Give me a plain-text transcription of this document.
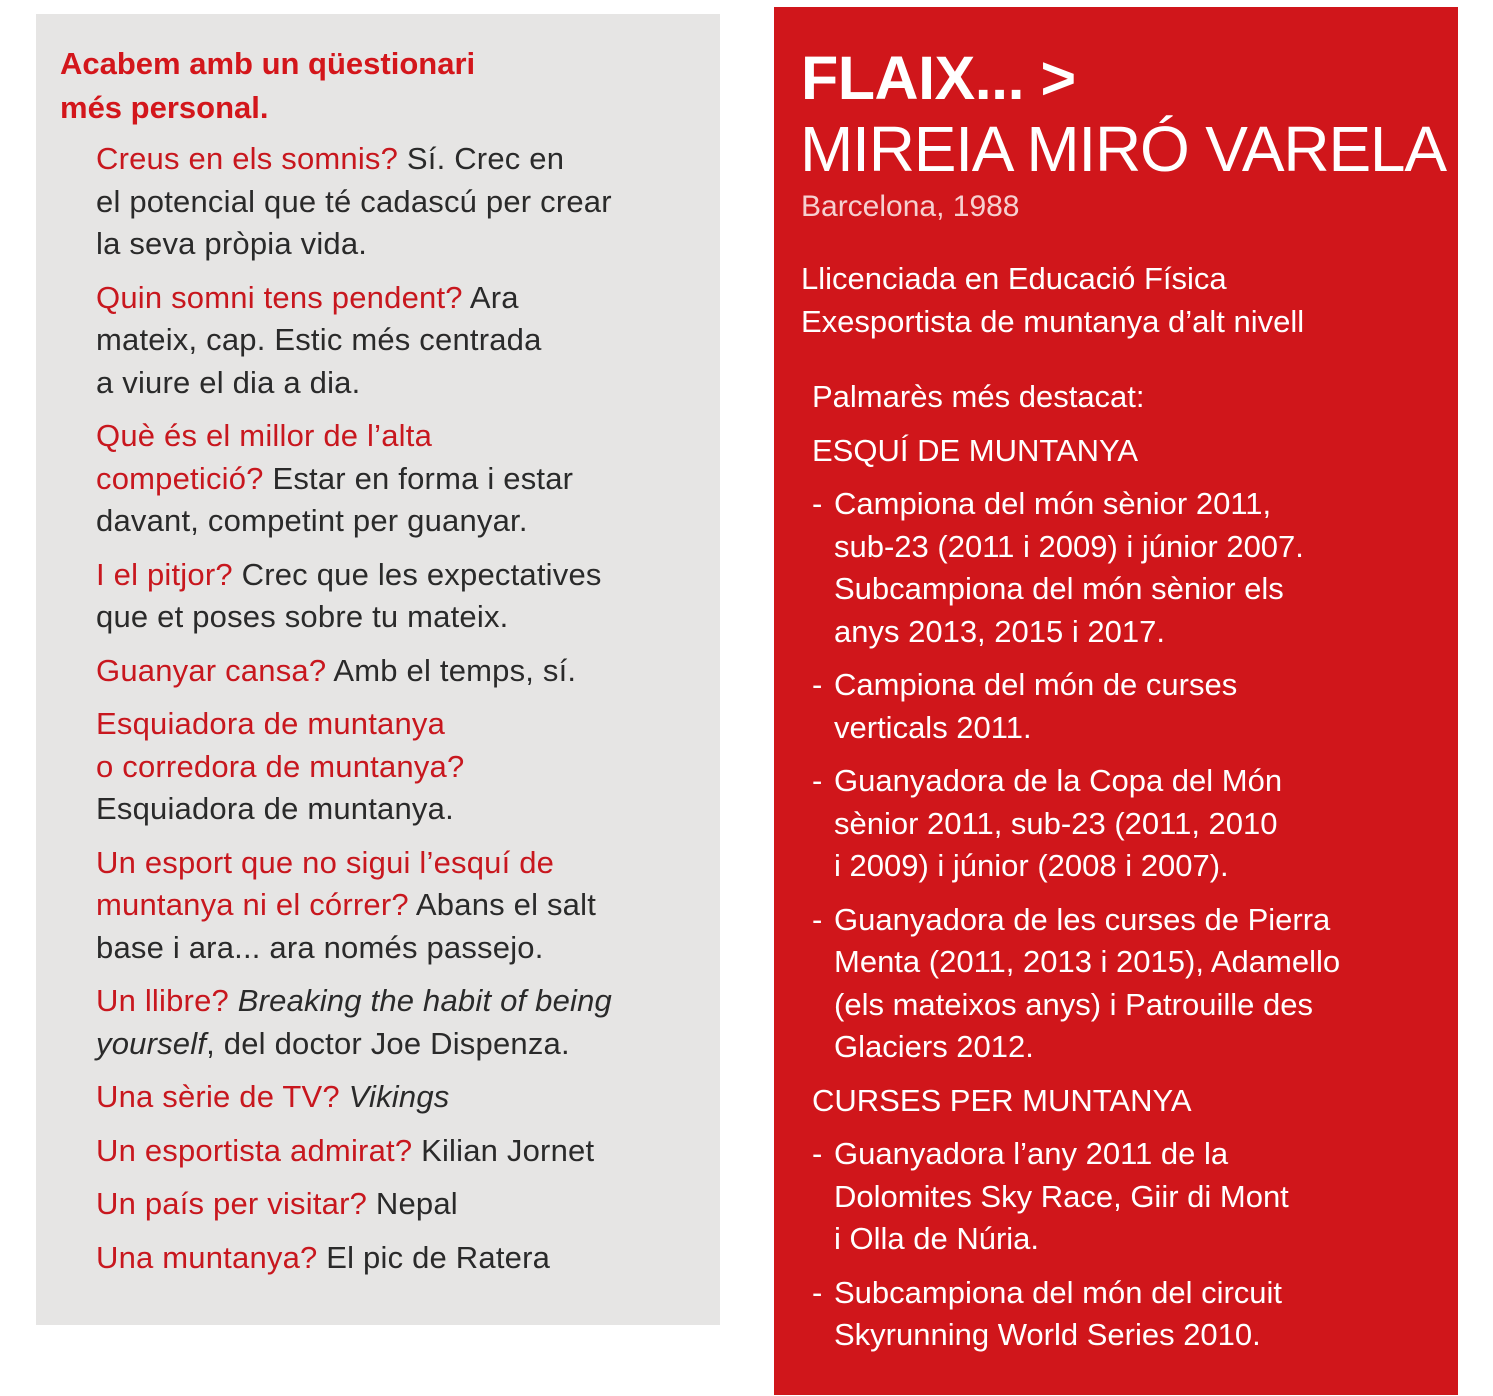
Acabem amb un qüestionari
més personal.

Creus en els somnis? Sí. Crec en
el potencial que té cadascú per crear
la seva pròpia vida.

Quin somni tens pendent? Ara
mateix, cap. Estic més centrada
a viure el dia a dia.

Què és el millor de l’alta
competició? Estar en forma i estar
davant, competint per guanyar.

I el pitjor? Crec que les expectatives
que et poses sobre tu mateix.

Guanyar cansa? Amb el temps, sí.

Esquiadora de muntanya
o corredora de muntanya?
Esquiadora de muntanya.

Un esport que no sigui l’esquí de
muntanya ni el córrer? Abans el salt
base i ara... ara només passejo.

Un llibre? Breaking the habit of being
yourself, del doctor Joe Dispenza.

Una sèrie de TV? Vikings

Un esportista admirat? Kilian Jornet

Un país per visitar? Nepal

Una muntanya? El pic de Ratera

FLAIX... >
MIREIA MIRÓ VARELA

Barcelona, 1988

Llicenciada en Educació Física
Exesportista de muntanya d’alt nivell

Palmarès més destacat:

ESQUÍ DE MUNTANYA

- Campiona del món sènior 2011,
sub-23 (2011 i 2009) i júnior 2007.
Subcampiona del món sènior els
anys 2013, 2015 i 2017.

- Campiona del món de curses
verticals 2011.

- Guanyadora de la Copa del Món
sènior 2011, sub-23 (2011, 2010
i 2009) i júnior (2008 i 2007).

- Guanyadora de les curses de Pierra
Menta (2011, 2013 i 2015), Adamello
(els mateixos anys) i Patrouille des
Glaciers 2012.

CURSES PER MUNTANYA

- Guanyadora l’any 2011 de la
Dolomites Sky Race, Giir di Mont
i Olla de Núria.

- Subcampiona del món del circuit
Skyrunning World Series 2010.
